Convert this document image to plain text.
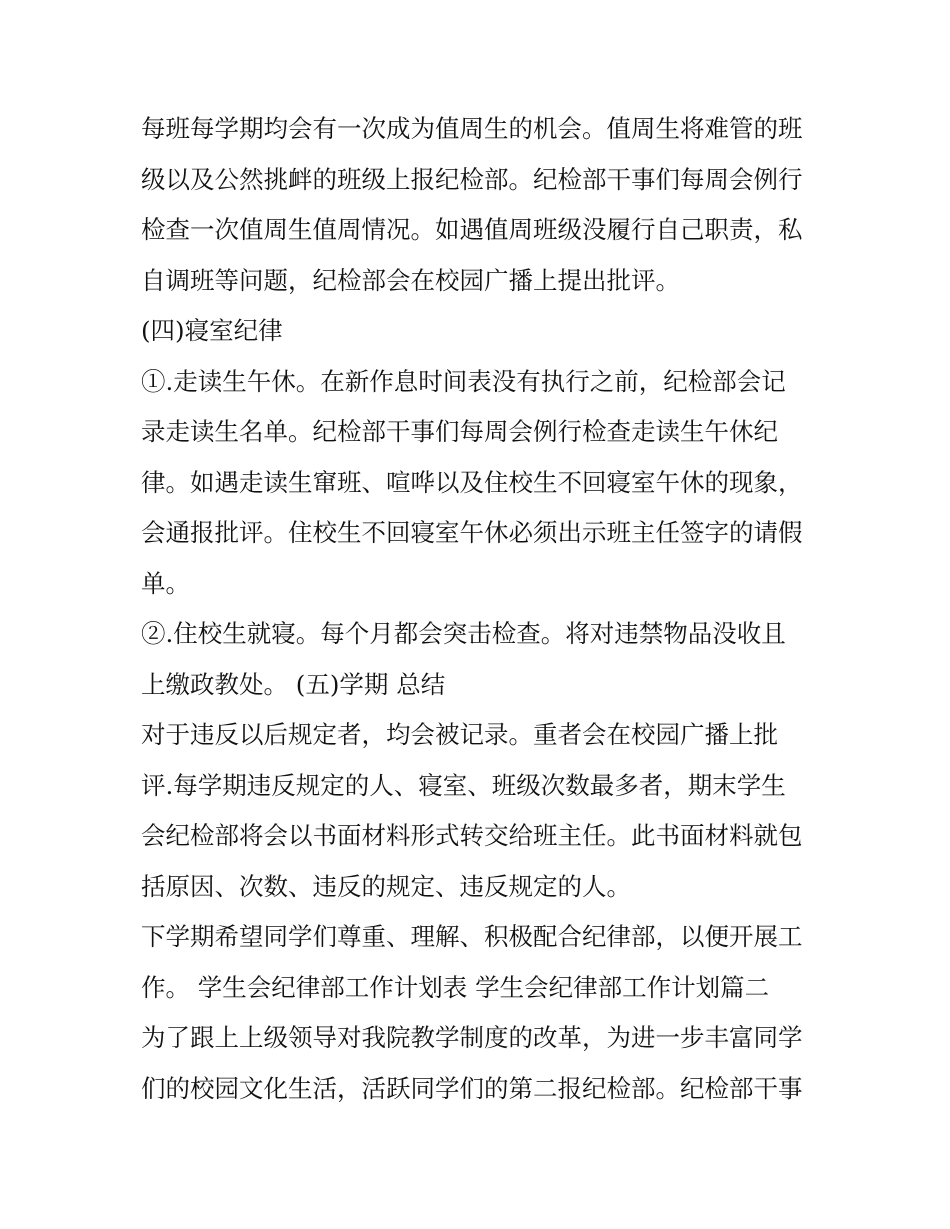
每班每学期均会有一次成为值周生的机会。值周生将难管的班
级以及公然挑衅的班级上报纪检部。纪检部干事们每周会例行
检查一次值周生值周情况。如遇值周班级没履行自己职责，私
自调班等问题，纪检部会在校园广播上提出批评。
(四)寝室纪律
①.走读生午休。在新作息时间表没有执行之前，纪检部会记
录走读生名单。纪检部干事们每周会例行检查走读生午休纪
律。如遇走读生窜班、喧哗以及住校生不回寝室午休的现象，
会通报批评。住校生不回寝室午休必须出示班主任签字的请假
单。
②.住校生就寝。每个月都会突击检查。将对违禁物品没收且
上缴政教处。 (五)学期 总结
对于违反以后规定者，均会被记录。重者会在校园广播上批
评.每学期违反规定的人、寝室、班级次数最多者，期末学生
会纪检部将会以书面材料形式转交给班主任。此书面材料就包
括原因、次数、违反的规定、违反规定的人。
下学期希望同学们尊重、理解、积极配合纪律部，以便开展工
作。 学生会纪律部工作计划表 学生会纪律部工作计划篇二
为了跟上上级领导对我院教学制度的改革，为进一步丰富同学
们的校园文化生活，活跃同学们的第二报纪检部。纪检部干事
